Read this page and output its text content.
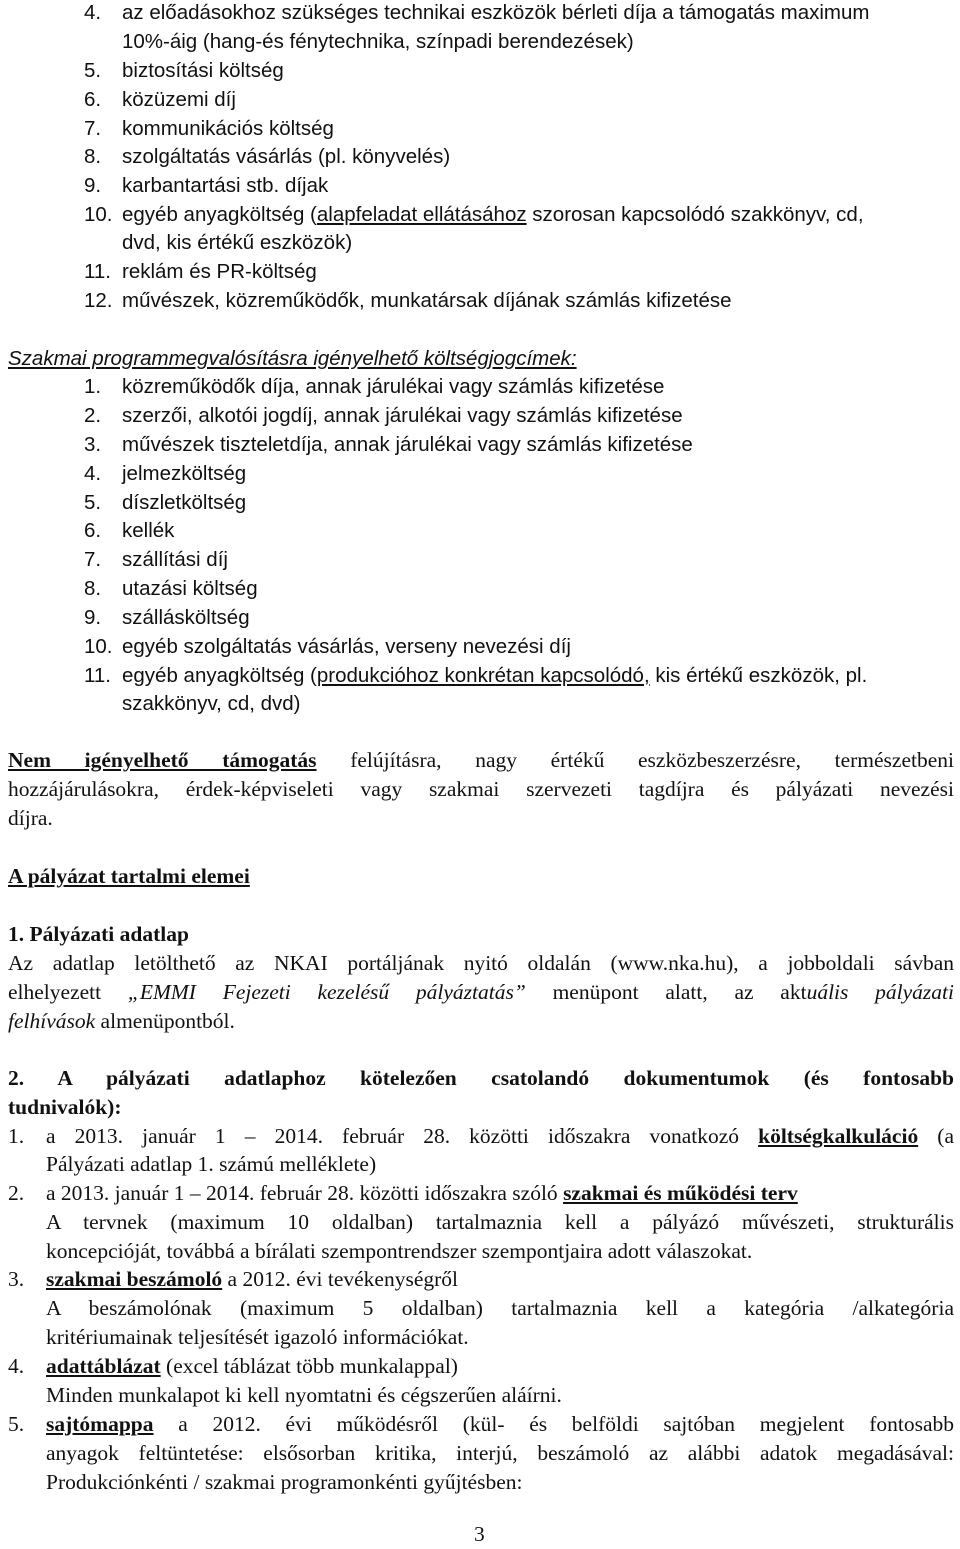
4. az előadásokhoz szükséges technikai eszközök bérleti díja a támogatás maximum
10%-áig (hang-és fénytechnika, színpadi berendezések)
5. biztosítási költség
6. közüzemi díj
7. kommunikációs költség
8. szolgáltatás vásárlás (pl. könyvelés)
9. karbantartási stb. díjak
10. egyéb anyagköltség (alapfeladat ellátásához szorosan kapcsolódó szakkönyv, cd,
dvd, kis értékű eszközök)
11. reklám és PR-költség
12. művészek, közreműködők, munkatársak díjának számlás kifizetése
Szakmai programmegvalósításra igényelhető költségjogcímek:
1. közreműködők díja, annak járulékai vagy számlás kifizetése
2. szerzői, alkotói jogdíj, annak járulékai vagy számlás kifizetése
3. művészek tiszteletdíja, annak járulékai vagy számlás kifizetése
4. jelmezköltség
5. díszletköltség
6. kellék
7. szállítási díj
8. utazási költség
9. szállásköltség
10. egyéb szolgáltatás vásárlás, verseny nevezési díj
11. egyéb anyagköltség (produkcióhoz konkrétan kapcsolódó, kis értékű eszközök, pl.
szakkönyv, cd, dvd)
Nem igényelhető támogatás felújításra, nagy értékű eszközbeszerzésre, természetbeni
hozzájárulásokra, érdek-képviseleti vagy szakmai szervezeti tagdíjra és pályázati nevezési
díjra.
A pályázat tartalmi elemei
1. Pályázati adatlap
Az adatlap letölthető az NKAI portáljának nyitó oldalán (www.nka.hu), a jobboldali sávban
elhelyezett „EMMI Fejezeti kezelésű pályáztatás” menüpont alatt, az aktuális pályázati
felhívások almenüpontból.
2. A pályázati adatlaphoz kötelezően csatolandó dokumentumok (és fontosabb
tudnivalók):
1. a 2013. január 1 – 2014. február 28. közötti időszakra vonatkozó költségkalkuláció (a
Pályázati adatlap 1. számú melléklete)
2. a 2013. január 1 – 2014. február 28. közötti időszakra szóló szakmai és működési terv
A tervnek (maximum 10 oldalban) tartalmaznia kell a pályázó művészeti, strukturális
koncepcióját, továbbá a bírálati szempontrendszer szempontjaira adott válaszokat.
3. szakmai beszámoló a 2012. évi tevékenységről
A beszámolónak (maximum 5 oldalban) tartalmaznia kell a kategória /alkategória
kritériumainak teljesítését igazoló információkat.
4. adattáblázat (excel táblázat több munkalappal)
Minden munkalapot ki kell nyomtatni és cégszerűen aláírni.
5. sajtómappa a 2012. évi működésről (kül- és belföldi sajtóban megjelent fontosabb
anyagok feltüntetése: elsősorban kritika, interjú, beszámoló az alábbi adatok megadásával:
Produkciónkénti / szakmai programonkénti gyűjtésben:
3
